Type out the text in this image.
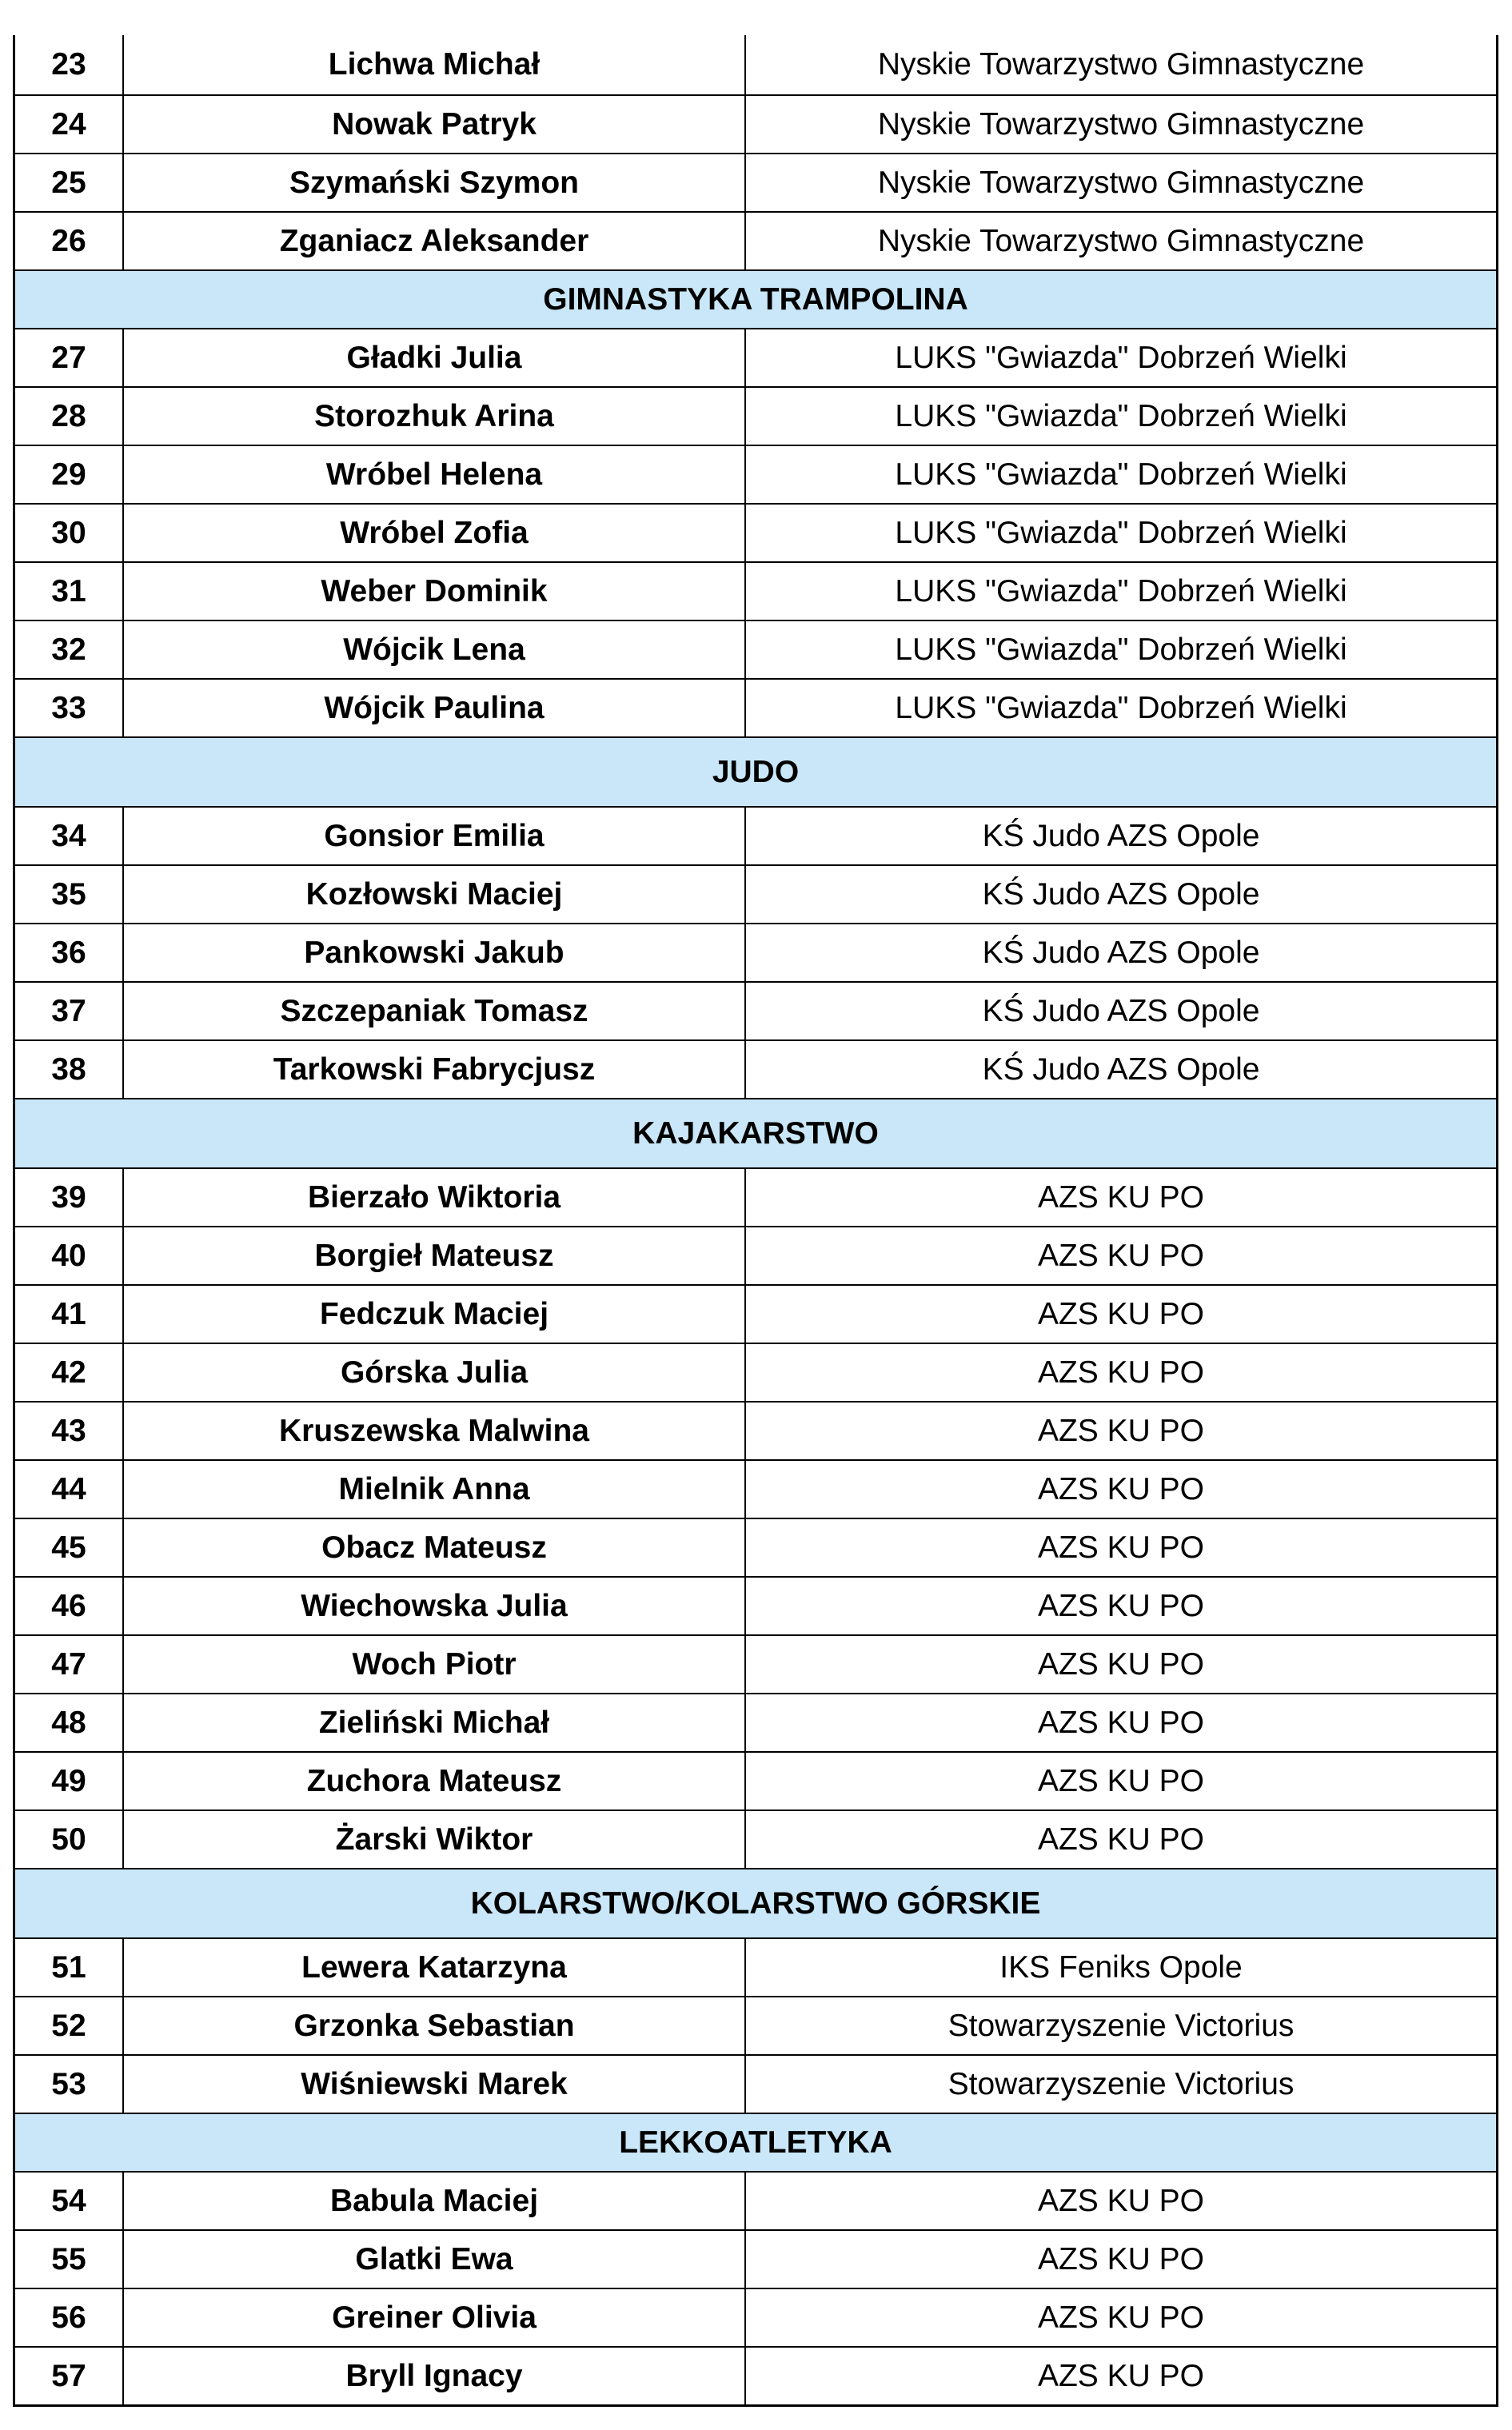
23	Lichwa Michał	Nyskie Towarzystwo Gimnastyczne
24	Nowak Patryk	Nyskie Towarzystwo Gimnastyczne
25	Szymański Szymon	Nyskie Towarzystwo Gimnastyczne
26	Zganiacz Aleksander	Nyskie Towarzystwo Gimnastyczne
GIMNASTYKA TRAMPOLINA
27	Gładki Julia	LUKS "Gwiazda" Dobrzeń Wielki
28	Storozhuk Arina	LUKS "Gwiazda" Dobrzeń Wielki
29	Wróbel Helena	LUKS "Gwiazda" Dobrzeń Wielki
30	Wróbel Zofia	LUKS "Gwiazda" Dobrzeń Wielki
31	Weber Dominik	LUKS "Gwiazda" Dobrzeń Wielki
32	Wójcik Lena	LUKS "Gwiazda" Dobrzeń Wielki
33	Wójcik Paulina	LUKS "Gwiazda" Dobrzeń Wielki
JUDO
34	Gonsior Emilia	KŚ Judo AZS Opole
35	Kozłowski Maciej	KŚ Judo AZS Opole
36	Pankowski Jakub	KŚ Judo AZS Opole
37	Szczepaniak Tomasz	KŚ Judo AZS Opole
38	Tarkowski Fabrycjusz	KŚ Judo AZS Opole
KAJAKARSTWO
39	Bierzało Wiktoria	AZS KU PO
40	Borgieł Mateusz	AZS KU PO
41	Fedczuk Maciej	AZS KU PO
42	Górska Julia	AZS KU PO
43	Kruszewska Malwina	AZS KU PO
44	Mielnik Anna	AZS KU PO
45	Obacz Mateusz	AZS KU PO
46	Wiechowska Julia	AZS KU PO
47	Woch Piotr	AZS KU PO
48	Zieliński Michał	AZS KU PO
49	Zuchora Mateusz	AZS KU PO
50	Żarski Wiktor	AZS KU PO
KOLARSTWO/KOLARSTWO GÓRSKIE
51	Lewera Katarzyna	IKS Feniks Opole
52	Grzonka Sebastian	Stowarzyszenie Victorius
53	Wiśniewski Marek	Stowarzyszenie Victorius
LEKKOATLETYKA
54	Babula Maciej	AZS KU PO
55	Glatki Ewa	AZS KU PO
56	Greiner Olivia	AZS KU PO
57	Bryll Ignacy	AZS KU PO
